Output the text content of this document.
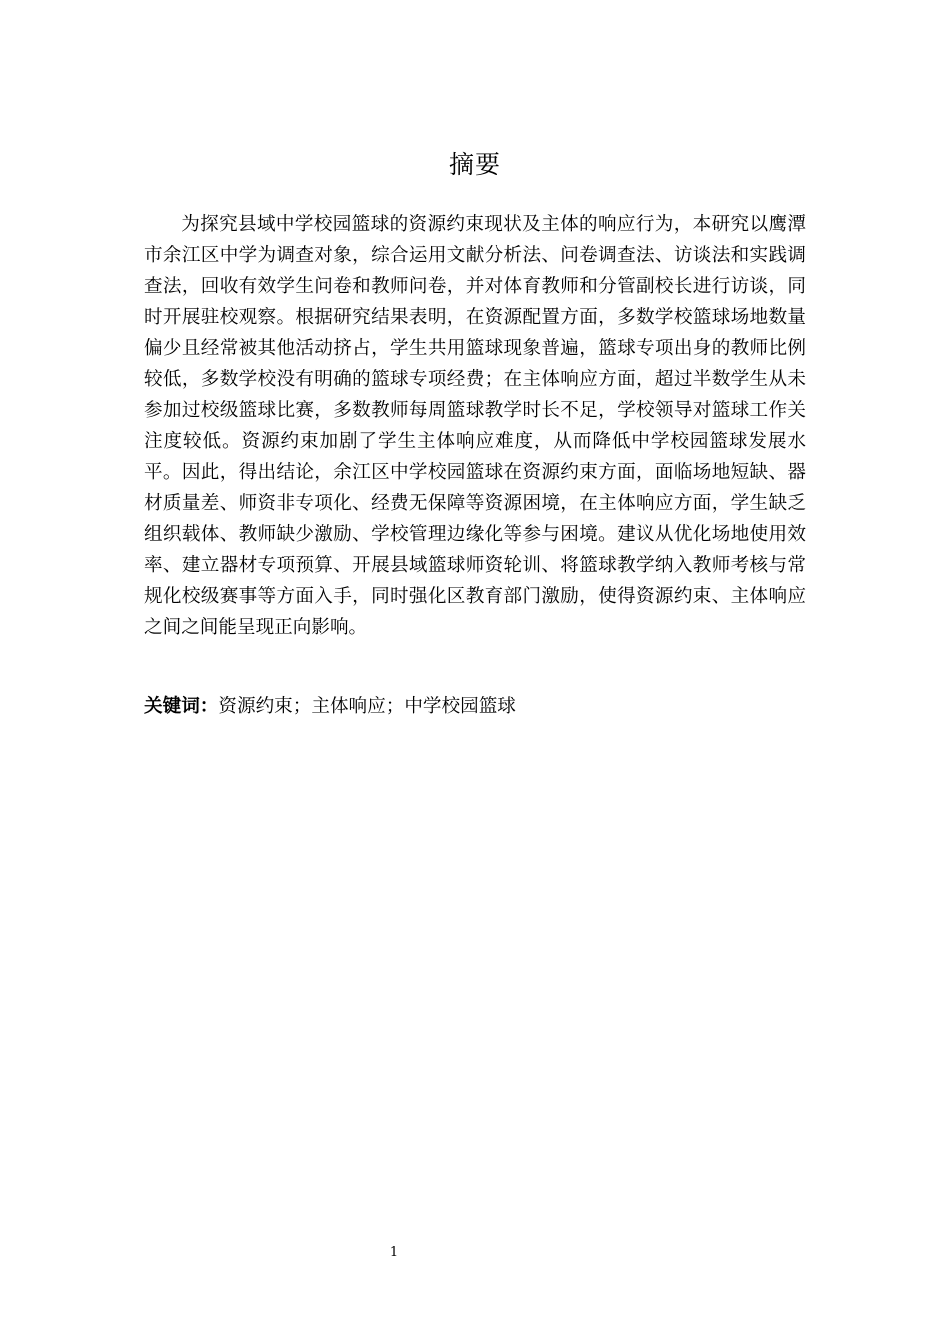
摘要

为探究县域中学校园篮球的资源约束现状及主体的响应行为，本研究以鹰潭市余江区中学为调查对象，综合运用文献分析法、问卷调查法、访谈法和实践调查法，回收有效学生问卷和教师问卷，并对体育教师和分管副校长进行访谈，同时开展驻校观察。根据研究结果表明，在资源配置方面，多数学校篮球场地数量偏少且经常被其他活动挤占，学生共用篮球现象普遍，篮球专项出身的教师比例较低，多数学校没有明确的篮球专项经费；在主体响应方面，超过半数学生从未参加过校级篮球比赛，多数教师每周篮球教学时长不足，学校领导对篮球工作关注度较低。资源约束加剧了学生主体响应难度，从而降低中学校园篮球发展水平。因此，得出结论，余江区中学校园篮球在资源约束方面，面临场地短缺、器材质量差、师资非专项化、经费无保障等资源困境，在主体响应方面，学生缺乏组织载体、教师缺少激励、学校管理边缘化等参与困境。建议从优化场地使用效率、建立器材专项预算、开展县域篮球师资轮训、将篮球教学纳入教师考核与常规化校级赛事等方面入手，同时强化区教育部门激励，使得资源约束、主体响应之间之间能呈现正向影响。

关键词：资源约束；主体响应；中学校园篮球

1
